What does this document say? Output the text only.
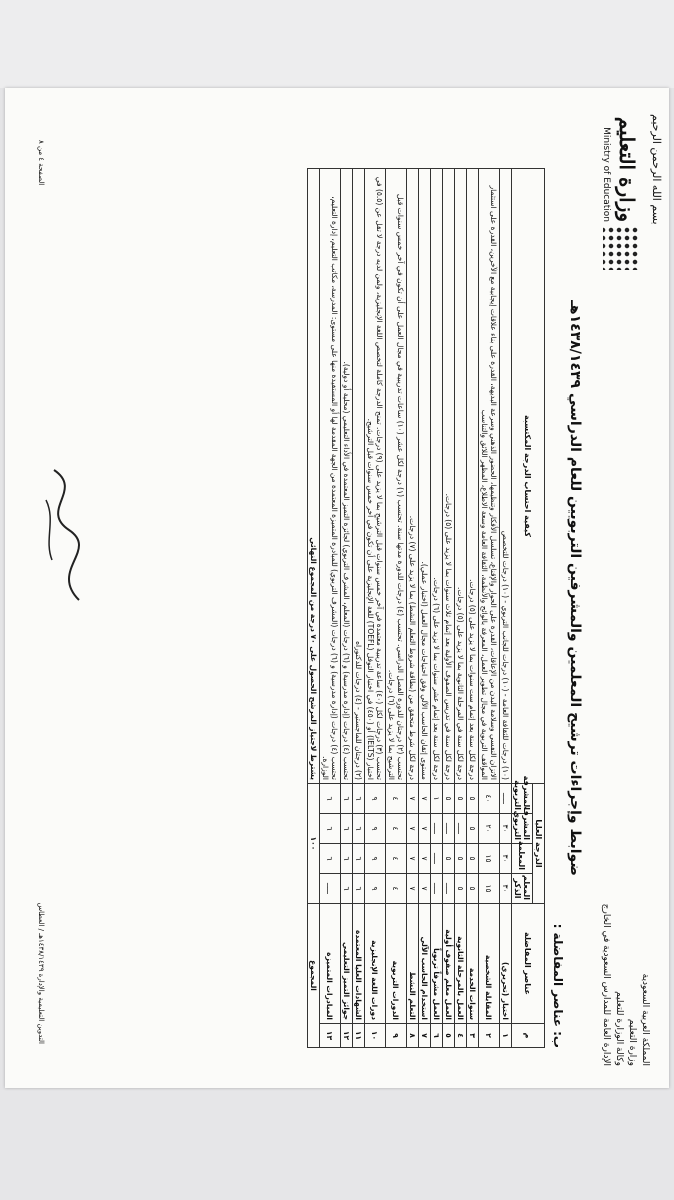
المملكة العربية السعودية
وزارة التعليم
وكالة الوزارة للتعليم
الإدارة العامة للمدارس السعودية في الخارج
بسم الله الرحمن الرحيم
وزارة التعليم
Ministry of Education
ضوابط وإجراءات ترشيح المعلمين والمشرفين التربويين للعام الدراسي ١٤٣٨/١٤٣٩هـ
ب: عناصر المفاضلة :
م	عناصر المفاضلة	الدرجة العليا				كيفية احتساب الدرجة المكتسبة
		المعلم الذكر	المعلمة	المشرف التربوي	المشرفة التربوية	
١	اختبار (تحريري)	٣٠	٣٠	٣٠	ـــــ	(١٠) درجات للثقافة العامة - (١٠) درجات للجانب التربوي - (١٠) درجات للتخصص
٢	المقابلة الشخصية	١٥	١٥	٢٠	٤٠	الاتزان النفسي وسلامة البدن من الإعاقات، القدرة على الحوار والإقناع، تسلسل الأفكار وتنظيمها، الحضور الذهني وسرعة البديهة، القدرة على بناء علاقات إيجابية مع الآخرين، القدرة على استثمار المواقف التربوية في مجال تطوير العمل، المعرفة بالوائح والأنظمة، الثقافة العامة وسعة الاطلاع، المظهر اللائق والتناسب
٣	سنوات الخدمة	٥	٥	٥	٥	درجة لكل سنة بعد إتمام ست سنوات بما لا يزيد على (٥) درجات.
٤	العمل بالمرحلة الثانوية	٥	٥	ـــــ	٥	درجة لكل سنة في المرحلة الثانوية بما لا يزيد على (٥) درجات.
٥	العمل معلم صفوف أولية	ـــــ	٥	ـــــ	٥	درجة لكل سنة في تدريس الصفوف الأولية بعد إتمام ثلاث سنوات بما لا يزيد على (٥) درجات.
٦	العمل مشرفاً تربوياً	ـــــ	ـــــ	ـــــ	١	درجة لكل سنة بعد إتمام عشر سنوات بما لا يزيد على (٦) درجات.
٧	استخدام الحاسب الآلي	٧	٧	٧	٧	مستوى إتقان الحاسب الآلي وفق احتياجات مجال العمل (اختبار عملي).
٨	التعلم النشط	٧	٧	٧	٧	درجة لكل شرط متحقق من (بطاقة شروط التعلم النشط) بما لا يزيد على (٧) درجات.
٩	الدورات التربوية	٤	٤	٤	٤	تحتسب (٢) درجتان للدورة الفصل الدراسي. تحتسب (٤) درجات للدورة مدتها سنة. تحتسب (١) درجة لكل عشر (١٠) ساعات تدريبية في مجال العمل على أن تكون في آخر خمس سنوات قبل الترشيح بما لا يزيد على (٦) درجات.
١٠	دورات اللغة الإنجليزية	٩	٩	٩	٩	تحتسب (٣) درجات لكل (٤٠) ساعة تدريبية معتمدة في آخر خمس سنوات قبل الترشيح بما لا يزيد على (٩) درجات. تمنح الدرجة كاملة لتخصص اللغة الإنجليزية، ولمن لديه درجة لا تقل عن (٥.٥) في اختبار (IELTS) أو (٤٥٠) في اختبار التوفل (TOEFL) للغة الإنجليزية على أن تكون في آخر خمس سنوات قبل الترشيح.
١١	الشهادات العليا المعتمدة	٦	٦	٦	٦	(٢) درجتان للماجستير - (٤) درجات للدكتوراه
١٢	جوائز التميز التعليمي	٦	٦	٦	٦	تحتسب (٤) درجات (إدارة مدرسية) و (٦) درجات (المعلم، المشرف التربوي) لجائزة التميز المعتمدة في الأداء التعليمي (محلية أو دولية).
١٣	المبادرات المتميزة	ـــــ	٦	٦	٦	تحتسب (٤) درجات (إدارة مدرسية) و (٦) درجات (المشرف التربوي) للمبادرة المتميزة المعتمدة من الجهة المقدمة لها أو المستفيدة منها على مستوى: المدرسة، مكاتب التعليم، إدارة التعليم، الوزارة.
المجموع		١٠٠				يشترط لاجتياز المرشح الحصول على ٧٠ درجة من المجموع النهائي
التدوين التعليمية والإدارة ١٤٣٨/١٤٣٩هـ / العطاس
الصفحة ٤ من ٨
